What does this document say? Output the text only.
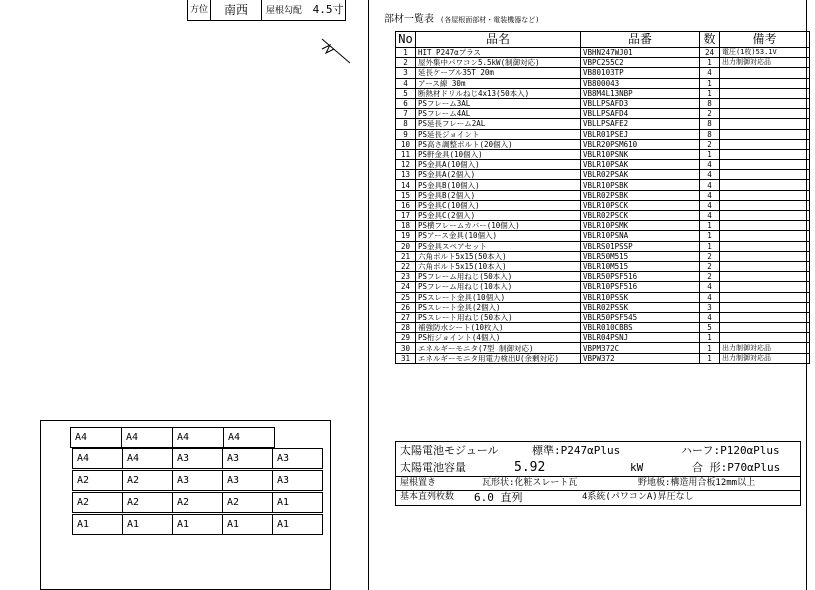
方位	南西	屋根勾配 4.5寸
A4	A4	A4	A4
A4	A4	A3	A3	A3
A2	A2	A3	A3	A3
A2	A2	A2	A2	A1
A1	A1	A1	A1	A1
部材一覧表 (各屋根面部材・電装機器など)
No	品名	品番	数	備考
1	HIT P247αプラス	VBHN247WJ01	24	電圧(1枚)53.1V
2	屋外集中パワコン5.5kW(制御対応)	VBPC255C2	1	出力制御対応品
3	延長ケーブル35T 20m	VB80103TP	4	
4	アース線 30m	VB800043	1	
5	断熱材ドリルねじ4x13(50本入)	VB8M4L13NBP	1	
6	PSフレーム3AL	VBLLPSAFD3	8	
7	PSフレーム4AL	VBLLPSAFD4	2	
8	PS延長フレーム2AL	VBLLPSAFE2	8	
9	PS延長ジョイント	VBLR01PSEJ	8	
10	PS高さ調整ボルト(20個入)	VBLR20PSM610	2	
11	PS軒金具(10個入)	VBLR10PSNK	1	
12	PS金具A(10個入)	VBLR10PSAK	4	
13	PS金具A(2個入)	VBLR02PSAK	4	
14	PS金具B(10個入)	VBLR10PSBK	4	
15	PS金具B(2個入)	VBLR02PSBK	4	
16	PS金具C(10個入)	VBLR10PSCK	4	
17	PS金具C(2個入)	VBLR02PSCK	4	
18	PS横フレームカバー(10個入)	VBLR10PSMK	1	
19	PSアース金具(10個入)	VBLR10PSNA	1	
20	PS金具スペアセット	VBLRS01PSSP	1	
21	六角ボルト5x15(50本入)	VBLR50M515	2	
22	六角ボルト5x15(10本入)	VBLR10M515	2	
23	PSフレーム用ねじ(50本入)	VBLR50PSF516	2	
24	PSフレーム用ねじ(10本入)	VBLR10PSF516	4	
25	PSスレート金具(10個入)	VBLR10PSSK	4	
26	PSスレート金具(2個入)	VBLR02PSSK	3	
27	PSスレート用ねじ(50本入)	VBLR50PSF545	4	
28	補強防水シート(10枚入)	VBLR010CBBS	5	
29	PS桁ジョイント(4個入)	VBLR04PSNJ	1	
30	エネルギーモニタ(7型 制御対応)	VBPM372C	1	出力制御対応品
31	エネルギーモニタ用電力検出U(余剰対応)	VBPW372	1	出力制御対応品
太陽電池モジュール	標準:P247αPlus	ハーフ:P120αPlus
太陽電池容量	5.92	kW	合 形:P70αPlus
屋根置き	瓦形状:化粧スレート瓦	野地板:構造用合板12mm以上
基本直列枚数 6.0 直列	4系統(パワコンA)昇圧なし
